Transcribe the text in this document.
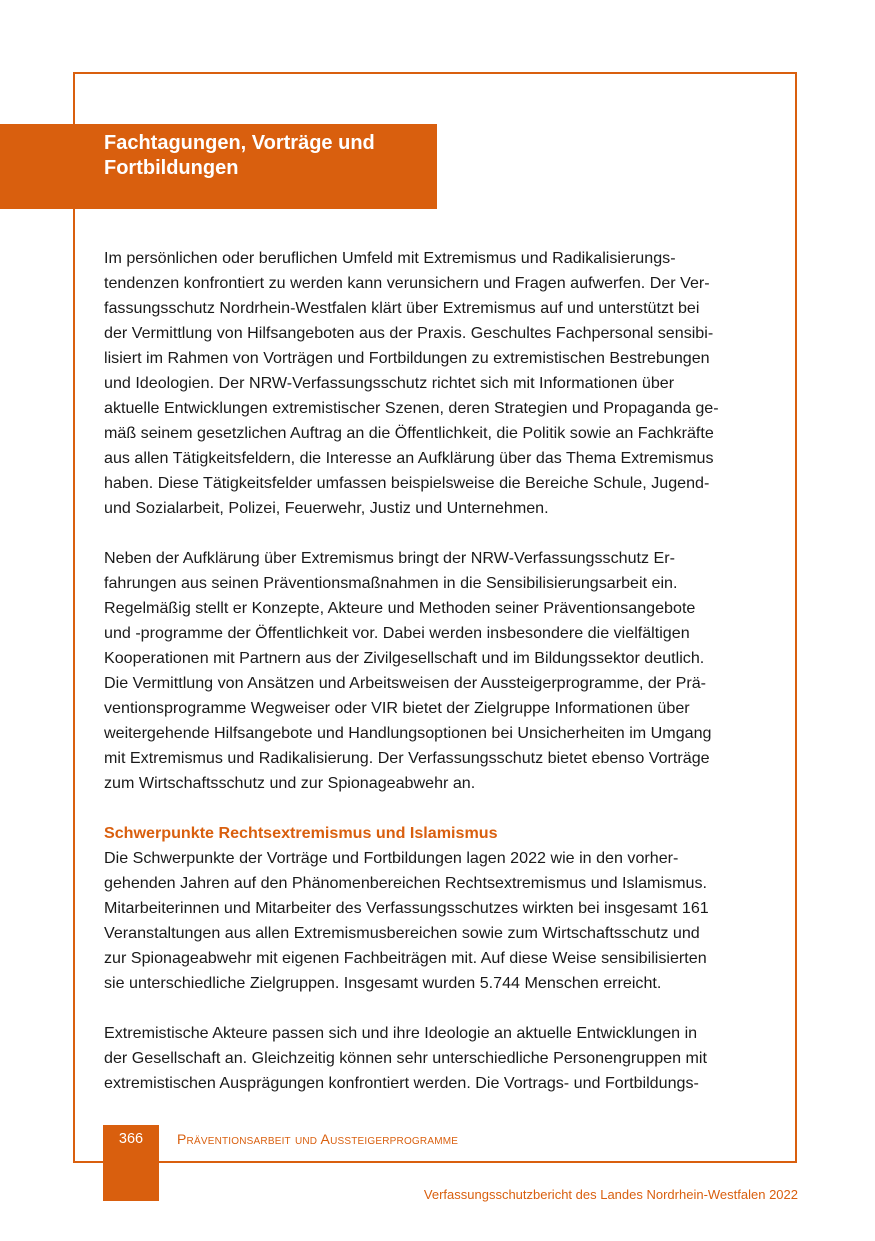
Fachtagungen, Vorträge und
Fortbildungen

Im persönlichen oder beruflichen Umfeld mit Extremismus und Radikalisierungs-
tendenzen konfrontiert zu werden kann verunsichern und Fragen aufwerfen. Der Ver-
fassungsschutz Nordrhein-Westfalen klärt über Extremismus auf und unterstützt bei
der Vermittlung von Hilfsangeboten aus der Praxis. Geschultes Fachpersonal sensibi-
lisiert im Rahmen von Vorträgen und Fortbildungen zu extremistischen Bestrebungen
und Ideologien. Der NRW-Verfassungsschutz richtet sich mit Informationen über
aktuelle Entwicklungen extremistischer Szenen, deren Strategien und Propaganda ge-
mäß seinem gesetzlichen Auftrag an die Öffentlichkeit, die Politik sowie an Fachkräfte
aus allen Tätigkeitsfeldern, die Interesse an Aufklärung über das Thema Extremismus
haben. Diese Tätigkeitsfelder umfassen beispielsweise die Bereiche Schule, Jugend-
und Sozialarbeit, Polizei, Feuerwehr, Justiz und Unternehmen.

Neben der Aufklärung über Extremismus bringt der NRW-Verfassungsschutz Er-
fahrungen aus seinen Präventionsmaßnahmen in die Sensibilisierungsarbeit ein.
Regelmäßig stellt er Konzepte, Akteure und Methoden seiner Präventionsangebote
und -programme der Öffentlichkeit vor. Dabei werden insbesondere die vielfältigen
Kooperationen mit Partnern aus der Zivilgesellschaft und im Bildungssektor deutlich.
Die Vermittlung von Ansätzen und Arbeitsweisen der Aussteigerprogramme, der Prä-
ventionsprogramme Wegweiser oder VIR bietet der Zielgruppe Informationen über
weitergehende Hilfsangebote und Handlungsoptionen bei Unsicherheiten im Umgang
mit Extremismus und Radikalisierung. Der Verfassungsschutz bietet ebenso Vorträge
zum Wirtschaftsschutz und zur Spionageabwehr an.

Schwerpunkte Rechtsextremismus und Islamismus

Die Schwerpunkte der Vorträge und Fortbildungen lagen 2022 wie in den vorher-
gehenden Jahren auf den Phänomenbereichen Rechtsextremismus und Islamismus.
Mitarbeiterinnen und Mitarbeiter des Verfassungsschutzes wirkten bei insgesamt 161
Veranstaltungen aus allen Extremismusbereichen sowie zum Wirtschaftsschutz und
zur Spionageabwehr mit eigenen Fachbeiträgen mit. Auf diese Weise sensibilisierten
sie unterschiedliche Zielgruppen. Insgesamt wurden 5.744 Menschen erreicht.

Extremistische Akteure passen sich und ihre Ideologie an aktuelle Entwicklungen in
der Gesellschaft an. Gleichzeitig können sehr unterschiedliche Personengruppen mit
extremistischen Ausprägungen konfrontiert werden. Die Vortrags- und Fortbildungs-

366	Präventionsarbeit und Aussteigerprogramme
Verfassungsschutzbericht des Landes Nordrhein-Westfalen 2022
